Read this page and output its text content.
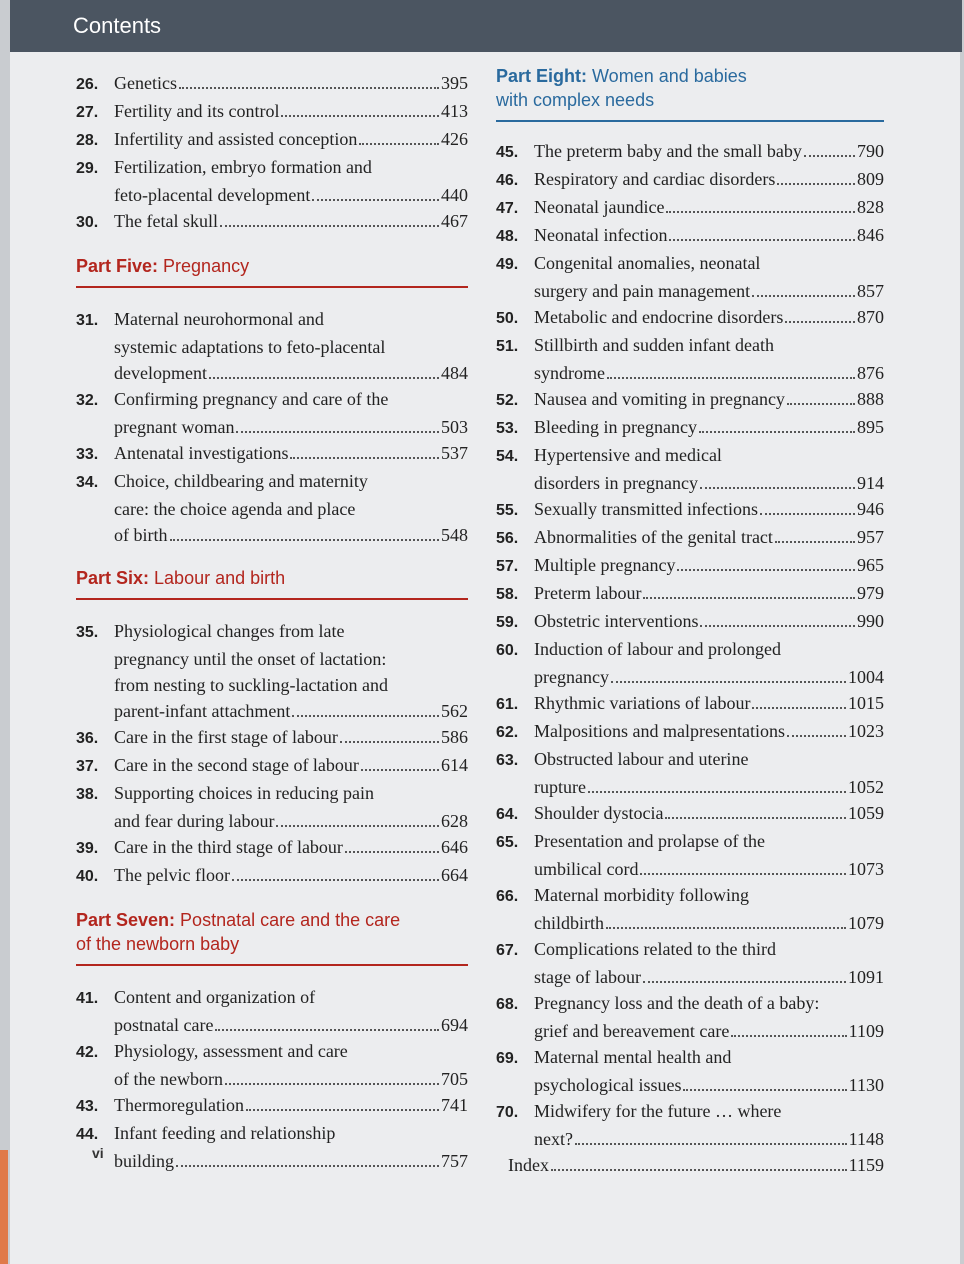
Contents
26. Genetics	395
27. Fertility and its control	413
28. Infertility and assisted conception	426
29. Fertilization, embryo formation and
feto-placental development	440
30. The fetal skull	467
Part Five: Pregnancy
31. Maternal neurohormonal and
systemic adaptations to feto-placental
development	484
32. Confirming pregnancy and care of the
pregnant woman	503
33. Antenatal investigations	537
34. Choice, childbearing and maternity
care: the choice agenda and place
of birth	548
Part Six: Labour and birth
35. Physiological changes from late
pregnancy until the onset of lactation:
from nesting to suckling-lactation and
parent-infant attachment	562
36. Care in the first stage of labour	586
37. Care in the second stage of labour	614
38. Supporting choices in reducing pain
and fear during labour	628
39. Care in the third stage of labour	646
40. The pelvic floor	664
Part Seven: Postnatal care and the care
of the newborn baby
41. Content and organization of
postnatal care	694
42. Physiology, assessment and care
of the newborn	705
43. Thermoregulation	741
44. Infant feeding and relationship
building	757
Part Eight: Women and babies
with complex needs
45. The preterm baby and the small baby	790
46. Respiratory and cardiac disorders	809
47. Neonatal jaundice	828
48. Neonatal infection	846
49. Congenital anomalies, neonatal
surgery and pain management	857
50. Metabolic and endocrine disorders	870
51. Stillbirth and sudden infant death
syndrome	876
52. Nausea and vomiting in pregnancy	888
53. Bleeding in pregnancy	895
54. Hypertensive and medical
disorders in pregnancy	914
55. Sexually transmitted infections	946
56. Abnormalities of the genital tract	957
57. Multiple pregnancy	965
58. Preterm labour	979
59. Obstetric interventions	990
60. Induction of labour and prolonged
pregnancy	1004
61. Rhythmic variations of labour	1015
62. Malpositions and malpresentations	1023
63. Obstructed labour and uterine
rupture	1052
64. Shoulder dystocia	1059
65. Presentation and prolapse of the
umbilical cord	1073
66. Maternal morbidity following
childbirth	1079
67. Complications related to the third
stage of labour	1091
68. Pregnancy loss and the death of a baby:
grief and bereavement care	1109
69. Maternal mental health and
psychological issues	1130
70. Midwifery for the future … where
next?	1148
Index	1159
vi
